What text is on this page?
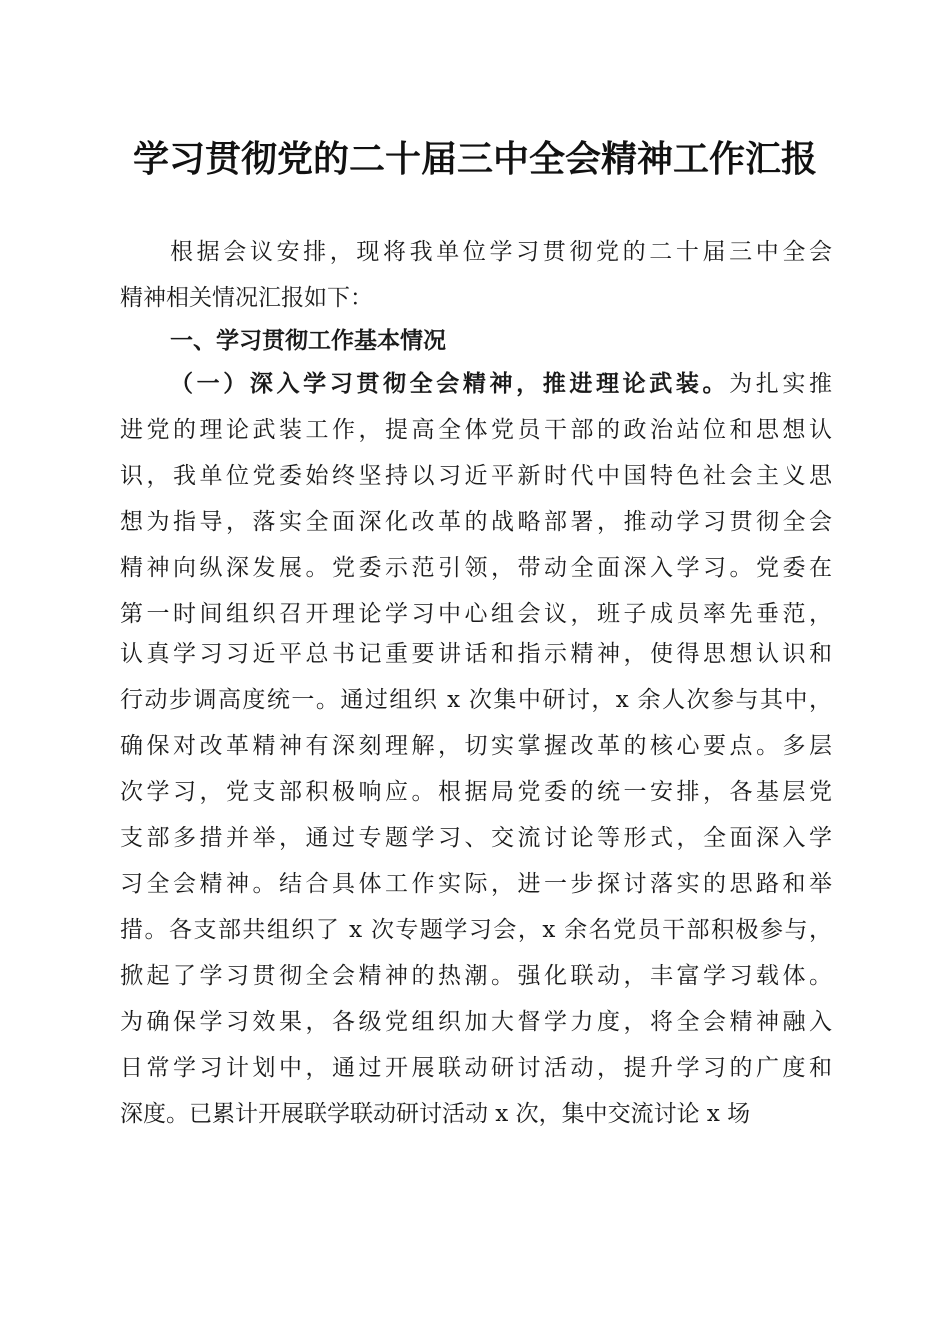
学习贯彻党的二十届三中全会精神工作汇报
根据会议安排，现将我单位学习贯彻党的二十届三中全会
精神相关情况汇报如下：
一、学习贯彻工作基本情况
（一）深入学习贯彻全会精神，推进理论武装。为扎实推
进党的理论武装工作，提高全体党员干部的政治站位和思想认
识，我单位党委始终坚持以习近平新时代中国特色社会主义思
想为指导，落实全面深化改革的战略部署，推动学习贯彻全会
精神向纵深发展。党委示范引领，带动全面深入学习。党委在
第一时间组织召开理论学习中心组会议，班子成员率先垂范，
认真学习习近平总书记重要讲话和指示精神，使得思想认识和
行动步调高度统一。通过组织 x 次集中研讨，x 余人次参与其中，
确保对改革精神有深刻理解，切实掌握改革的核心要点。多层
次学习，党支部积极响应。根据局党委的统一安排，各基层党
支部多措并举，通过专题学习、交流讨论等形式，全面深入学
习全会精神。结合具体工作实际，进一步探讨落实的思路和举
措。各支部共组织了 x 次专题学习会，x 余名党员干部积极参与，
掀起了学习贯彻全会精神的热潮。强化联动，丰富学习载体。
为确保学习效果，各级党组织加大督学力度，将全会精神融入
日常学习计划中，通过开展联动研讨活动，提升学习的广度和
深度。已累计开展联学联动研讨活动 x 次，集中交流讨论 x 场
